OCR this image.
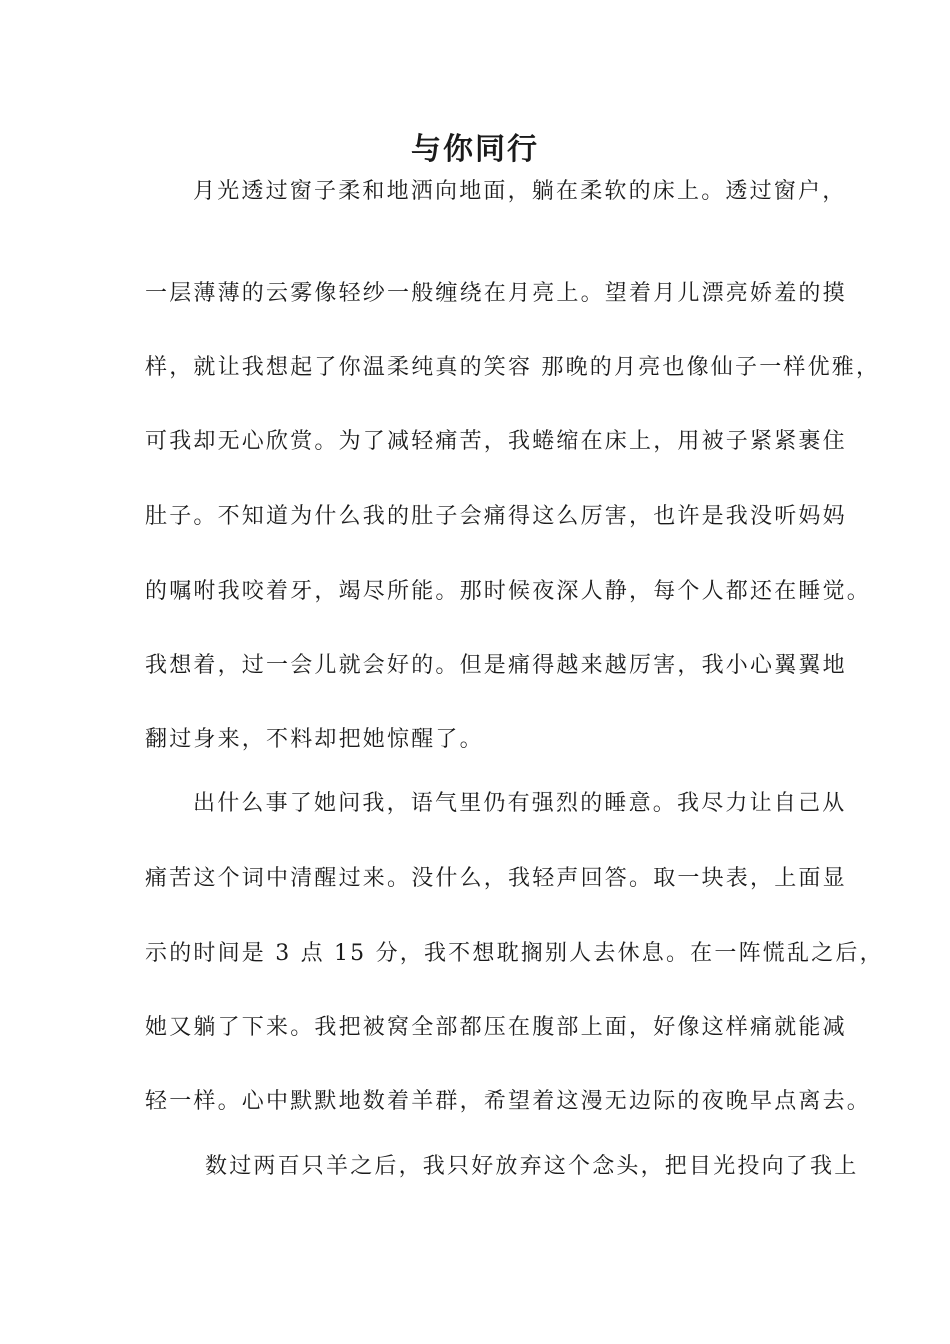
与你同行
月光透过窗子柔和地洒向地面，躺在柔软的床上。透过窗户，
一层薄薄的云雾像轻纱一般缠绕在月亮上。望着月儿漂亮娇羞的摸
样，就让我想起了你温柔纯真的笑容 那晚的月亮也像仙子一样优雅，
可我却无心欣赏。为了减轻痛苦，我蜷缩在床上，用被子紧紧裹住
肚子。不知道为什么我的肚子会痛得这么厉害，也许是我没听妈妈
的嘱咐我咬着牙，竭尽所能。那时候夜深人静，每个人都还在睡觉。
我想着，过一会儿就会好的。但是痛得越来越厉害，我小心翼翼地
翻过身来，不料却把她惊醒了。
出什么事了她问我，语气里仍有强烈的睡意。我尽力让自己从
痛苦这个词中清醒过来。没什么，我轻声回答。取一块表，上面显
示的时间是 3 点 15 分，我不想耽搁别人去休息。在一阵慌乱之后，
她又躺了下来。我把被窝全部都压在腹部上面，好像这样痛就能减
轻一样。心中默默地数着羊群，希望着这漫无边际的夜晚早点离去。
数过两百只羊之后，我只好放弃这个念头，把目光投向了我上
